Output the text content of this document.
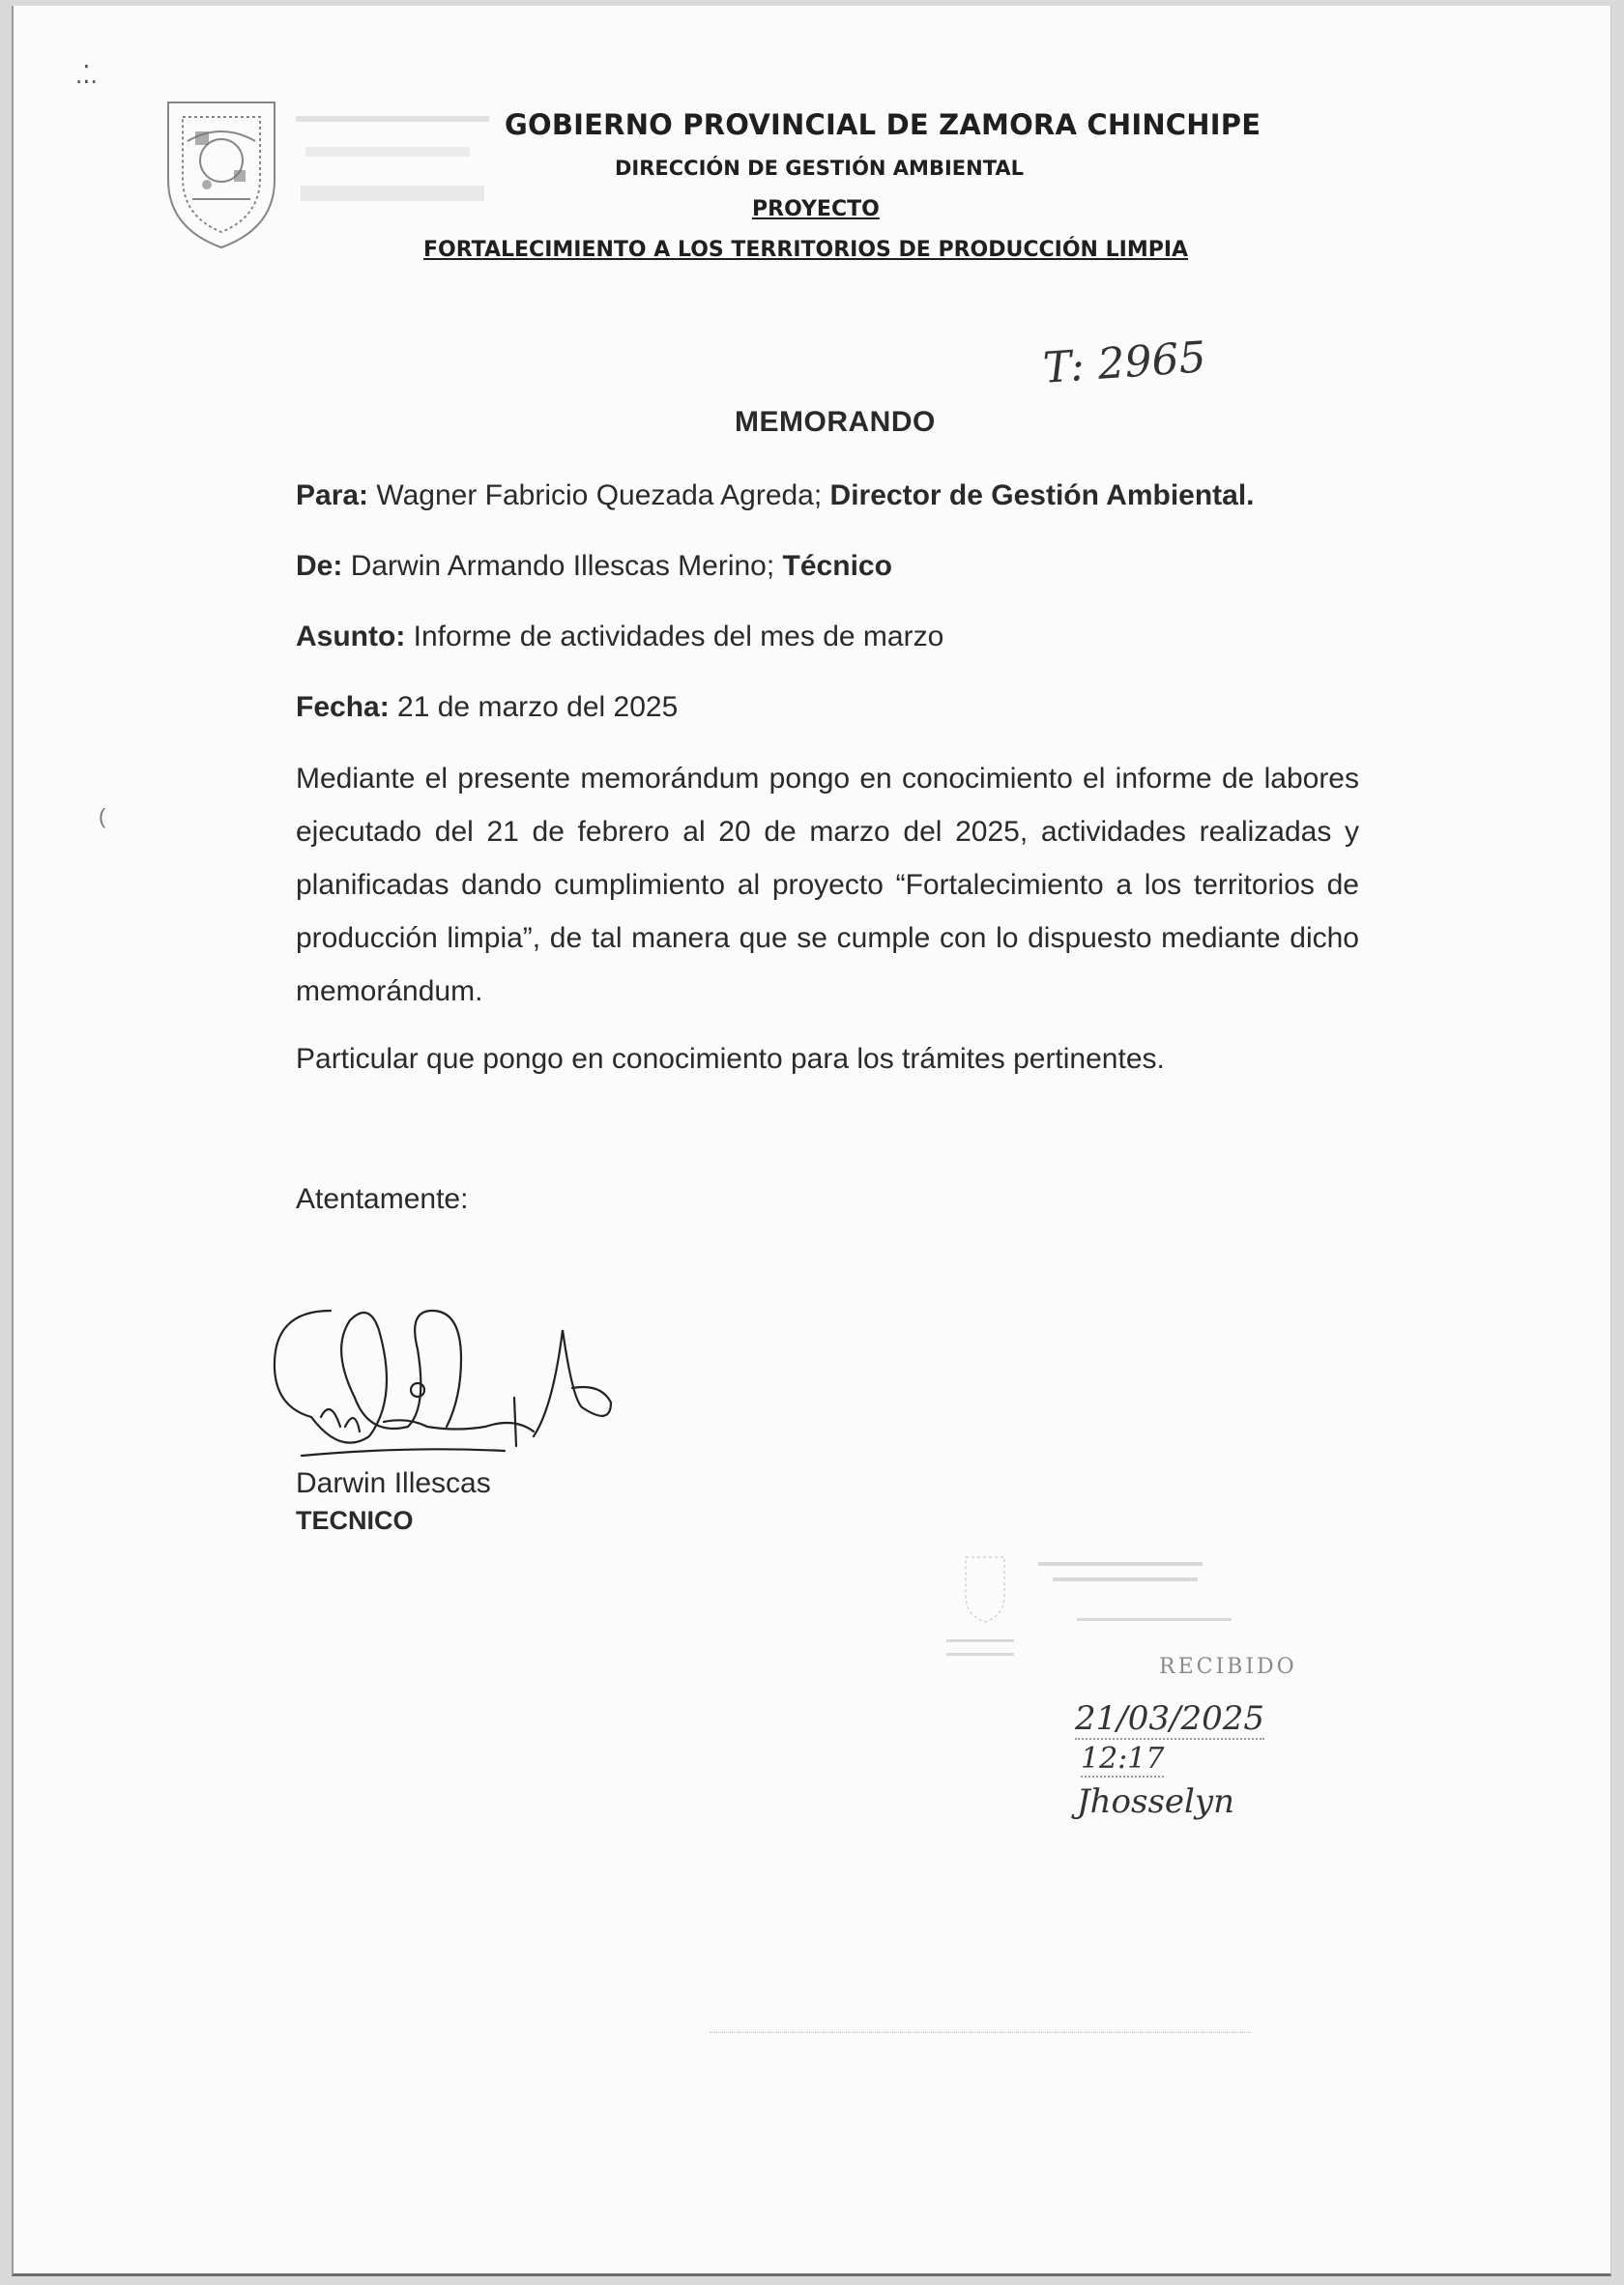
.⁚.
GOBIERNO PROVINCIAL DE ZAMORA CHINCHIPE
DIRECCIÓN DE GESTIÓN AMBIENTAL
PROYECTO
FORTALECIMIENTO A LOS TERRITORIOS DE PRODUCCIÓN LIMPIA
T: 2965
MEMORANDO
Para: Wagner Fabricio Quezada Agreda; Director de Gestión Ambiental.
De: Darwin Armando Illescas Merino; Técnico
Asunto: Informe de actividades del mes de marzo
Fecha: 21 de marzo del 2025
(
Mediante el presente memorándum pongo en conocimiento el informe de labores ejecutado del 21 de febrero al 20 de marzo del 2025, actividades realizadas y planificadas dando cumplimiento al proyecto “Fortalecimiento a los territorios de producción limpia”, de tal manera que se cumple con lo dispuesto mediante dicho memorándum.
Particular que pongo en conocimiento para los trámites pertinentes.
Atentamente:
Darwin Illescas
TECNICO
RECIBIDO
21/03/2025
12:17
Jhosselyn
